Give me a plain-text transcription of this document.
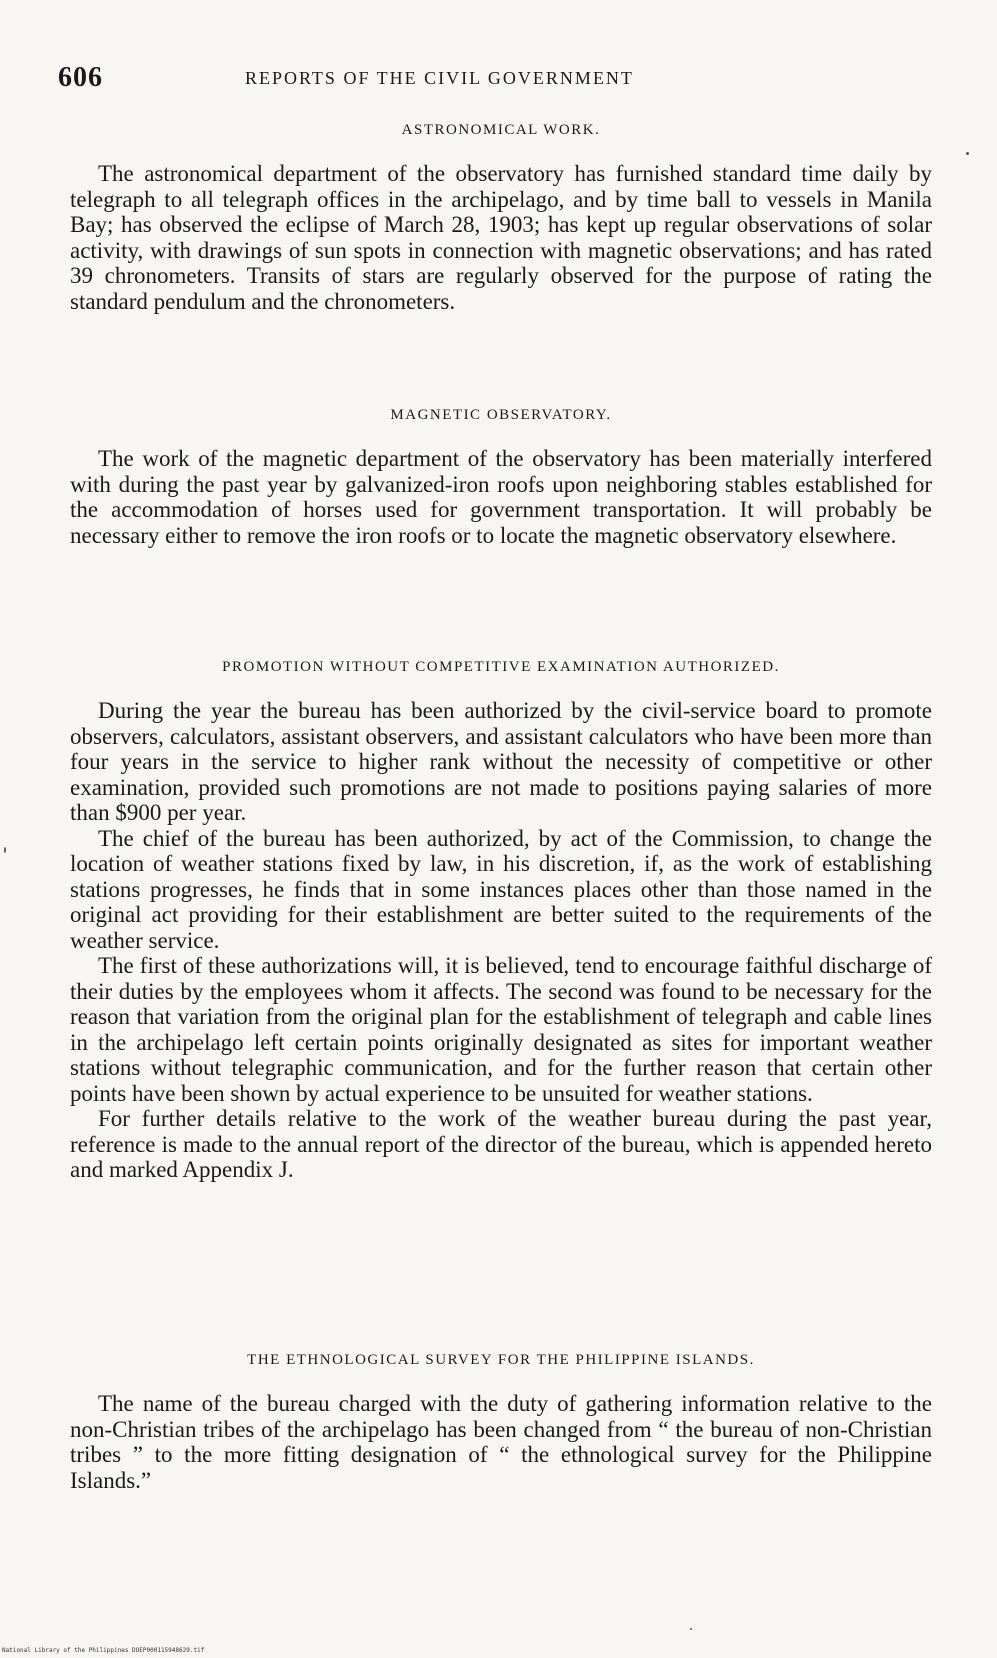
606	REPORTS OF THE CIVIL GOVERNMENT
ASTRONOMICAL WORK.

The astronomical department of the observatory has furnished standard time daily by telegraph to all telegraph offices in the archipelago, and by time ball to vessels in Manila Bay; has observed the eclipse of March 28, 1903; has kept up regular observations of solar activity, with drawings of sun spots in connection with magnetic observations; and has rated 39 chronometers. Transits of stars are regularly observed for the purpose of rating the standard pendulum and the chronometers.

MAGNETIC OBSERVATORY.

The work of the magnetic department of the observatory has been materially interfered with during the past year by galvanized-iron roofs upon neighboring stables established for the accommodation of horses used for government transportation. It will probably be necessary either to remove the iron roofs or to locate the magnetic observatory elsewhere.

PROMOTION WITHOUT COMPETITIVE EXAMINATION AUTHORIZED.

During the year the bureau has been authorized by the civil-service board to promote observers, calculators, assistant observers, and assistant calculators who have been more than four years in the service to higher rank without the necessity of competitive or other examination, provided such promotions are not made to positions paying salaries of more than $900 per year.

The chief of the bureau has been authorized, by act of the Commission, to change the location of weather stations fixed by law, in his discretion, if, as the work of establishing stations progresses, he finds that in some instances places other than those named in the original act providing for their establishment are better suited to the requirements of the weather service.

The first of these authorizations will, it is believed, tend to encourage faithful discharge of their duties by the employees whom it affects. The second was found to be necessary for the reason that variation from the original plan for the establishment of telegraph and cable lines in the archipelago left certain points originally designated as sites for important weather stations without telegraphic communication, and for the further reason that certain other points have been shown by actual experience to be unsuited for weather stations.

For further details relative to the work of the weather bureau during the past year, reference is made to the annual report of the director of the bureau, which is appended hereto and marked Appendix J.

THE ETHNOLOGICAL SURVEY FOR THE PHILIPPINE ISLANDS.

The name of the bureau charged with the duty of gathering information relative to the non-Christian tribes of the archipelago has been changed from “ the bureau of non-Christian tribes ” to the more fitting designation of “ the ethnological survey for the Philippine Islands.”

National Library of the Philippines DOEP000115948629.tif
